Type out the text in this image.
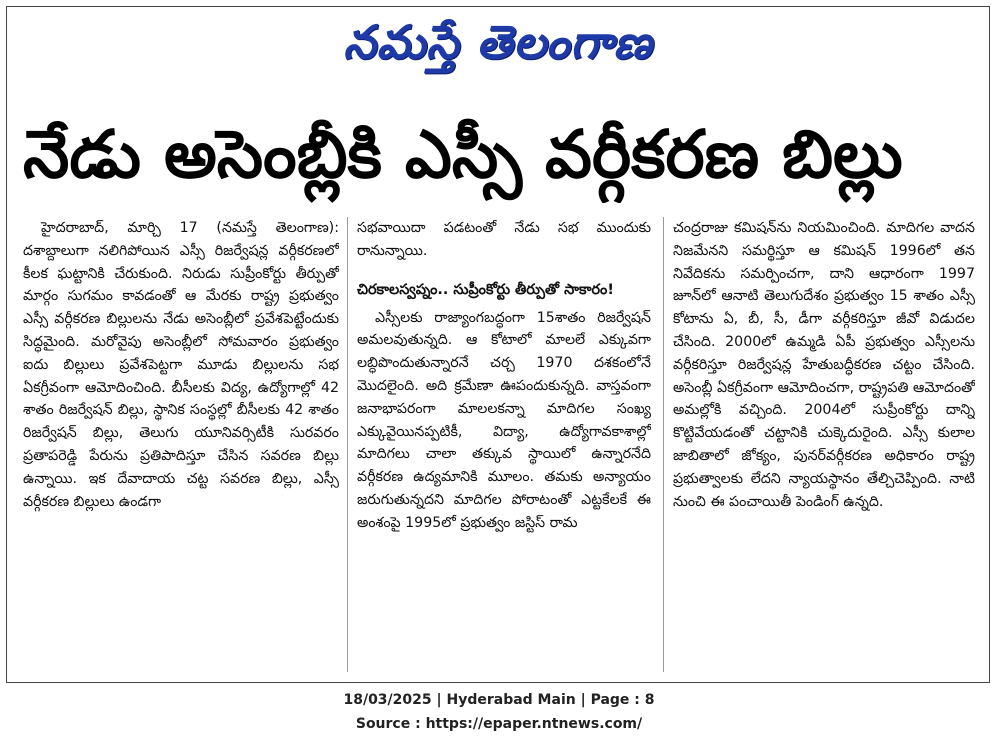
నమస్తే తెలంగాణ
నేడు అసెంబ్లీకి ఎస్సీ వర్గీకరణ బిల్లు

హైదరాబాద్, మార్చి 17 (నమస్తే తెలంగాణ): దశాబ్దాలుగా నలిగిపోయిన ఎస్సీ రిజర్వేషన్ల వర్గీకరణలో కీలక ఘట్టానికి చేరుకుంది. నిరుడు సుప్రీంకోర్టు తీర్పుతో మార్గం సుగమం కావడంతో ఆ మేరకు రాష్ట్ర ప్రభుత్వం ఎస్సీ వర్గీకరణ బిల్లులను నేడు అసెంబ్లీలో ప్రవేశపెట్టేందుకు సిద్ధమైంది. మరోవైపు అసెంబ్లీలో సోమవారం ప్రభుత్వం ఐదు బిల్లులు ప్రవేశపెట్టగా మూడు బిల్లులను సభ ఏకగ్రీవంగా ఆమోదించింది. బీసీలకు విద్య, ఉద్యోగాల్లో 42 శాతం రిజర్వేషన్ బిల్లు, స్థానిక సంస్థల్లో బీసీలకు 42 శాతం రిజర్వేషన్ బిల్లు, తెలుగు యూనివర్సిటీకి సురవరం ప్రతాపరెడ్డి పేరును ప్రతిపాదిస్తూ చేసిన సవరణ బిల్లు ఉన్నాయి. ఇక దేవాదాయ చట్ట సవరణ బిల్లు, ఎస్సీ వర్గీకరణ బిల్లులు ఉండగా

సభవాయిదా పడటంతో నేడు సభ ముందుకు రానున్నాయి.

చిరకాలస్వప్నం.. సుప్రీంకోర్టు తీర్పుతో సాకారం!

ఎస్సీలకు రాజ్యాంగబద్ధంగా 15శాతం రిజర్వేషన్ అమలవుతున్నది. ఆ కోటాలో మాలలే ఎక్కువగా లబ్ధిపొందుతున్నారనే చర్చ 1970 దశకంలోనే మొదలైంది. అది క్రమేణా ఊపందుకున్నది. వాస్తవంగా జనాభాపరంగా మాలలకన్నా మాదిగల సంఖ్య ఎక్కువైయినప్పటికీ, విద్యా, ఉద్యోగావకాశాల్లో మాదిగలు చాలా తక్కువ స్థాయిలో ఉన్నారనేది వర్గీకరణ ఉద్యమానికి మూలం. తమకు అన్యాయం జరుగుతున్నదని మాదిగల పోరాటంతో ఎట్టకేలకే ఈ అంశంపై 1995లో ప్రభుత్వం జస్టిస్ రామ

చంద్రరాజు కమిషన్‌ను నియమించింది. మాదిగల వాదన నిజమేనని సమర్థిస్తూ ఆ కమిషన్ 1996లో తన నివేదికను సమర్పించగా, దాని ఆధారంగా 1997 జూన్‌లో ఆనాటి తెలుగుదేశం ప్రభుత్వం 15 శాతం ఎస్సీ కోటాను ఏ, బీ, సీ, డీగా వర్గీకరిస్తూ జీవో విడుదల చేసింది. 2000లో ఉమ్మడి ఏపీ ప్రభుత్వం ఎస్సీలను వర్గీకరిస్తూ రిజర్వేషన్ల హేతుబద్ధీకరణ చట్టం చేసింది. అసెంబ్లీ ఏకగ్రీవంగా ఆమోదించగా, రాష్ట్రపతి ఆమోదంతో అమల్లోకి వచ్చింది. 2004లో సుప్రీంకోర్టు దాన్ని కొట్టివేయడంతో చట్టానికి చుక్కెదురైంది. ఎస్సీ కులాల జాబితాలో జోక్యం, పునర్‌వర్గీకరణ అధికారం రాష్ట్ర ప్రభుత్వాలకు లేదని న్యాయస్థానం తేల్చిచెప్పింది. నాటి నుంచి ఈ పంచాయితీ పెండింగ్ ఉన్నది.

18/03/2025 | Hyderabad Main | Page : 8
Source : https://epaper.ntnews.com/
